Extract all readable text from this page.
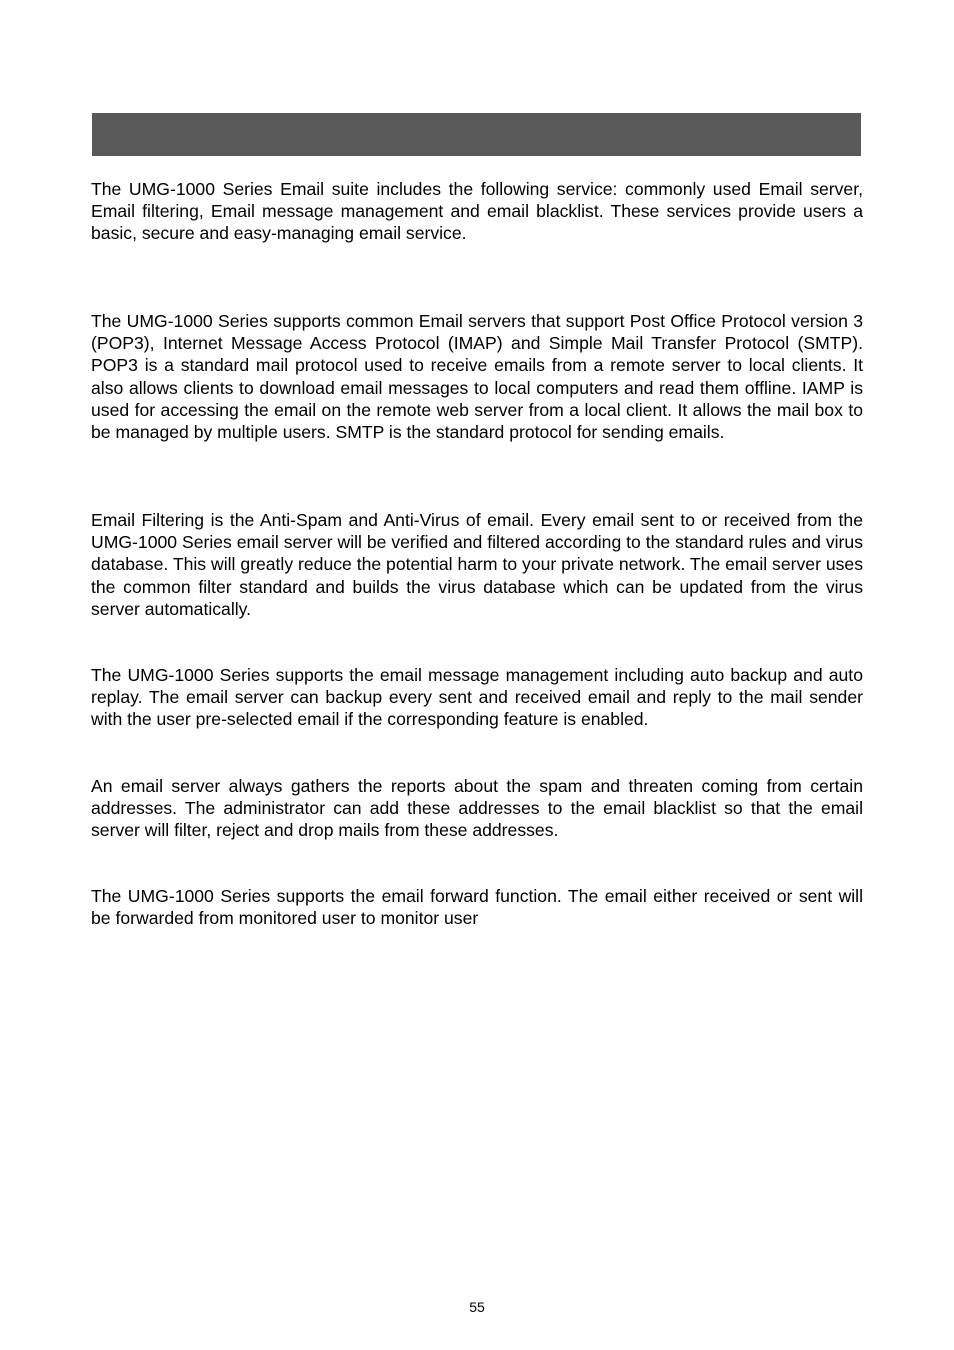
The UMG-1000 Series Email suite includes the following service: commonly used Email server, Email filtering, Email message management and email blacklist. These services provide users a basic, secure and easy-managing email service.

The UMG-1000 Series supports common Email servers that support Post Office Protocol version 3 (POP3), Internet Message Access Protocol (IMAP) and Simple Mail Transfer Protocol (SMTP). POP3 is a standard mail protocol used to receive emails from a remote server to local clients. It also allows clients to download email messages to local computers and read them offline. IAMP is used for accessing the email on the remote web server from a local client. It allows the mail box to be managed by multiple users. SMTP is the standard protocol for sending emails.

Email Filtering is the Anti-Spam and Anti-Virus of email. Every email sent to or received from the UMG-1000 Series email server will be verified and filtered according to the standard rules and virus database. This will greatly reduce the potential harm to your private network. The email server uses the common filter standard and builds the virus database which can be updated from the virus server automatically.

The UMG-1000 Series supports the email message management including auto backup and auto replay. The email server can backup every sent and received email and reply to the mail sender with the user pre-selected email if the corresponding feature is enabled.

An email server always gathers the reports about the spam and threaten coming from certain addresses. The administrator can add these addresses to the email blacklist so that the email server will filter, reject and drop mails from these addresses.

The UMG-1000 Series supports the email forward function. The email either received or sent will be forwarded from monitored user to monitor user

55
